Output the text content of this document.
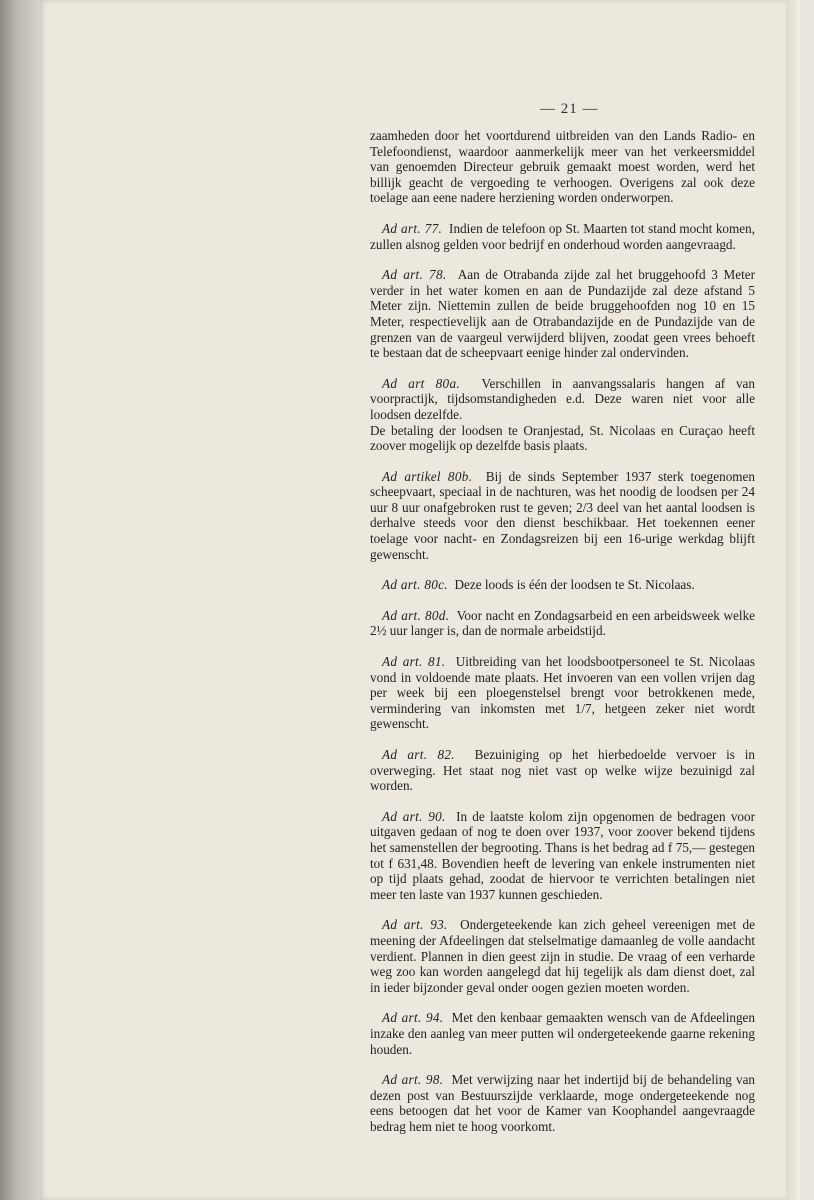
— 21 —

zaamheden door het voortdurend uitbreiden van den Lands Radio- en Telefoondienst, waardoor aanmerkelijk meer van het verkeersmiddel van genoemden Directeur gebruik gemaakt moest worden, werd het billijk geacht de vergoeding te verhoogen. Overigens zal ook deze toelage aan eene nadere herziening worden onderworpen.

Ad art. 77. Indien de telefoon op St. Maarten tot stand mocht komen, zullen alsnog gelden voor bedrijf en onderhoud worden aangevraagd.

Ad art. 78. Aan de Otrabanda zijde zal het bruggehoofd 3 Meter verder in het water komen en aan de Pundazijde zal deze afstand 5 Meter zijn. Niettemin zullen de beide bruggehoofden nog 10 en 15 Meter, respectievelijk aan de Otrabandazijde en de Pundazijde van de grenzen van de vaargeul verwijderd blijven, zoodat geen vrees behoeft te bestaan dat de scheepvaart eenige hinder zal ondervinden.

Ad art 80a. Verschillen in aanvangssalaris hangen af van voorpractijk, tijdsomstandigheden e.d. Deze waren niet voor alle loodsen dezelfde.

De betaling der loodsen te Oranjestad, St. Nicolaas en Curaçao heeft zoover mogelijk op dezelfde basis plaats.

Ad artikel 80b. Bij de sinds September 1937 sterk toegenomen scheepvaart, speciaal in de nachturen, was het noodig de loodsen per 24 uur 8 uur onafgebroken rust te geven; 2/3 deel van het aantal loodsen is derhalve steeds voor den dienst beschikbaar. Het toekennen eener toelage voor nacht- en Zondagsreizen bij een 16-urige werkdag blijft gewenscht.

Ad art. 80c. Deze loods is één der loodsen te St. Nicolaas.

Ad art. 80d. Voor nacht en Zondagsarbeid en een arbeidsweek welke 2½ uur langer is, dan de normale arbeidstijd.

Ad art. 81. Uitbreiding van het loodsbootpersoneel te St. Nicolaas vond in voldoende mate plaats. Het invoeren van een vollen vrijen dag per week bij een ploegenstelsel brengt voor betrokkenen mede, vermindering van inkomsten met 1/7, hetgeen zeker niet wordt gewenscht.

Ad art. 82. Bezuiniging op het hierbedoelde vervoer is in overweging. Het staat nog niet vast op welke wijze bezuinigd zal worden.

Ad art. 90. In de laatste kolom zijn opgenomen de bedragen voor uitgaven gedaan of nog te doen over 1937, voor zoover bekend tijdens het samenstellen der begrooting. Thans is het bedrag ad f 75,— gestegen tot f 631,48. Bovendien heeft de levering van enkele instrumenten niet op tijd plaats gehad, zoodat de hiervoor te verrichten betalingen niet meer ten laste van 1937 kunnen geschieden.

Ad art. 93. Ondergeteekende kan zich geheel vereenigen met de meening der Afdeelingen dat stelselmatige damaanleg de volle aandacht verdient. Plannen in dien geest zijn in studie. De vraag of een verharde weg zoo kan worden aangelegd dat hij tegelijk als dam dienst doet, zal in ieder bijzonder geval onder oogen gezien moeten worden.

Ad art. 94. Met den kenbaar gemaakten wensch van de Afdeelingen inzake den aanleg van meer putten wil ondergeteekende gaarne rekening houden.

Ad art. 98. Met verwijzing naar het indertijd bij de behandeling van dezen post van Bestuurszijde verklaarde, moge ondergeteekende nog eens betoogen dat het voor de Kamer van Koophandel aangevraagde bedrag hem niet te hoog voorkomt.
